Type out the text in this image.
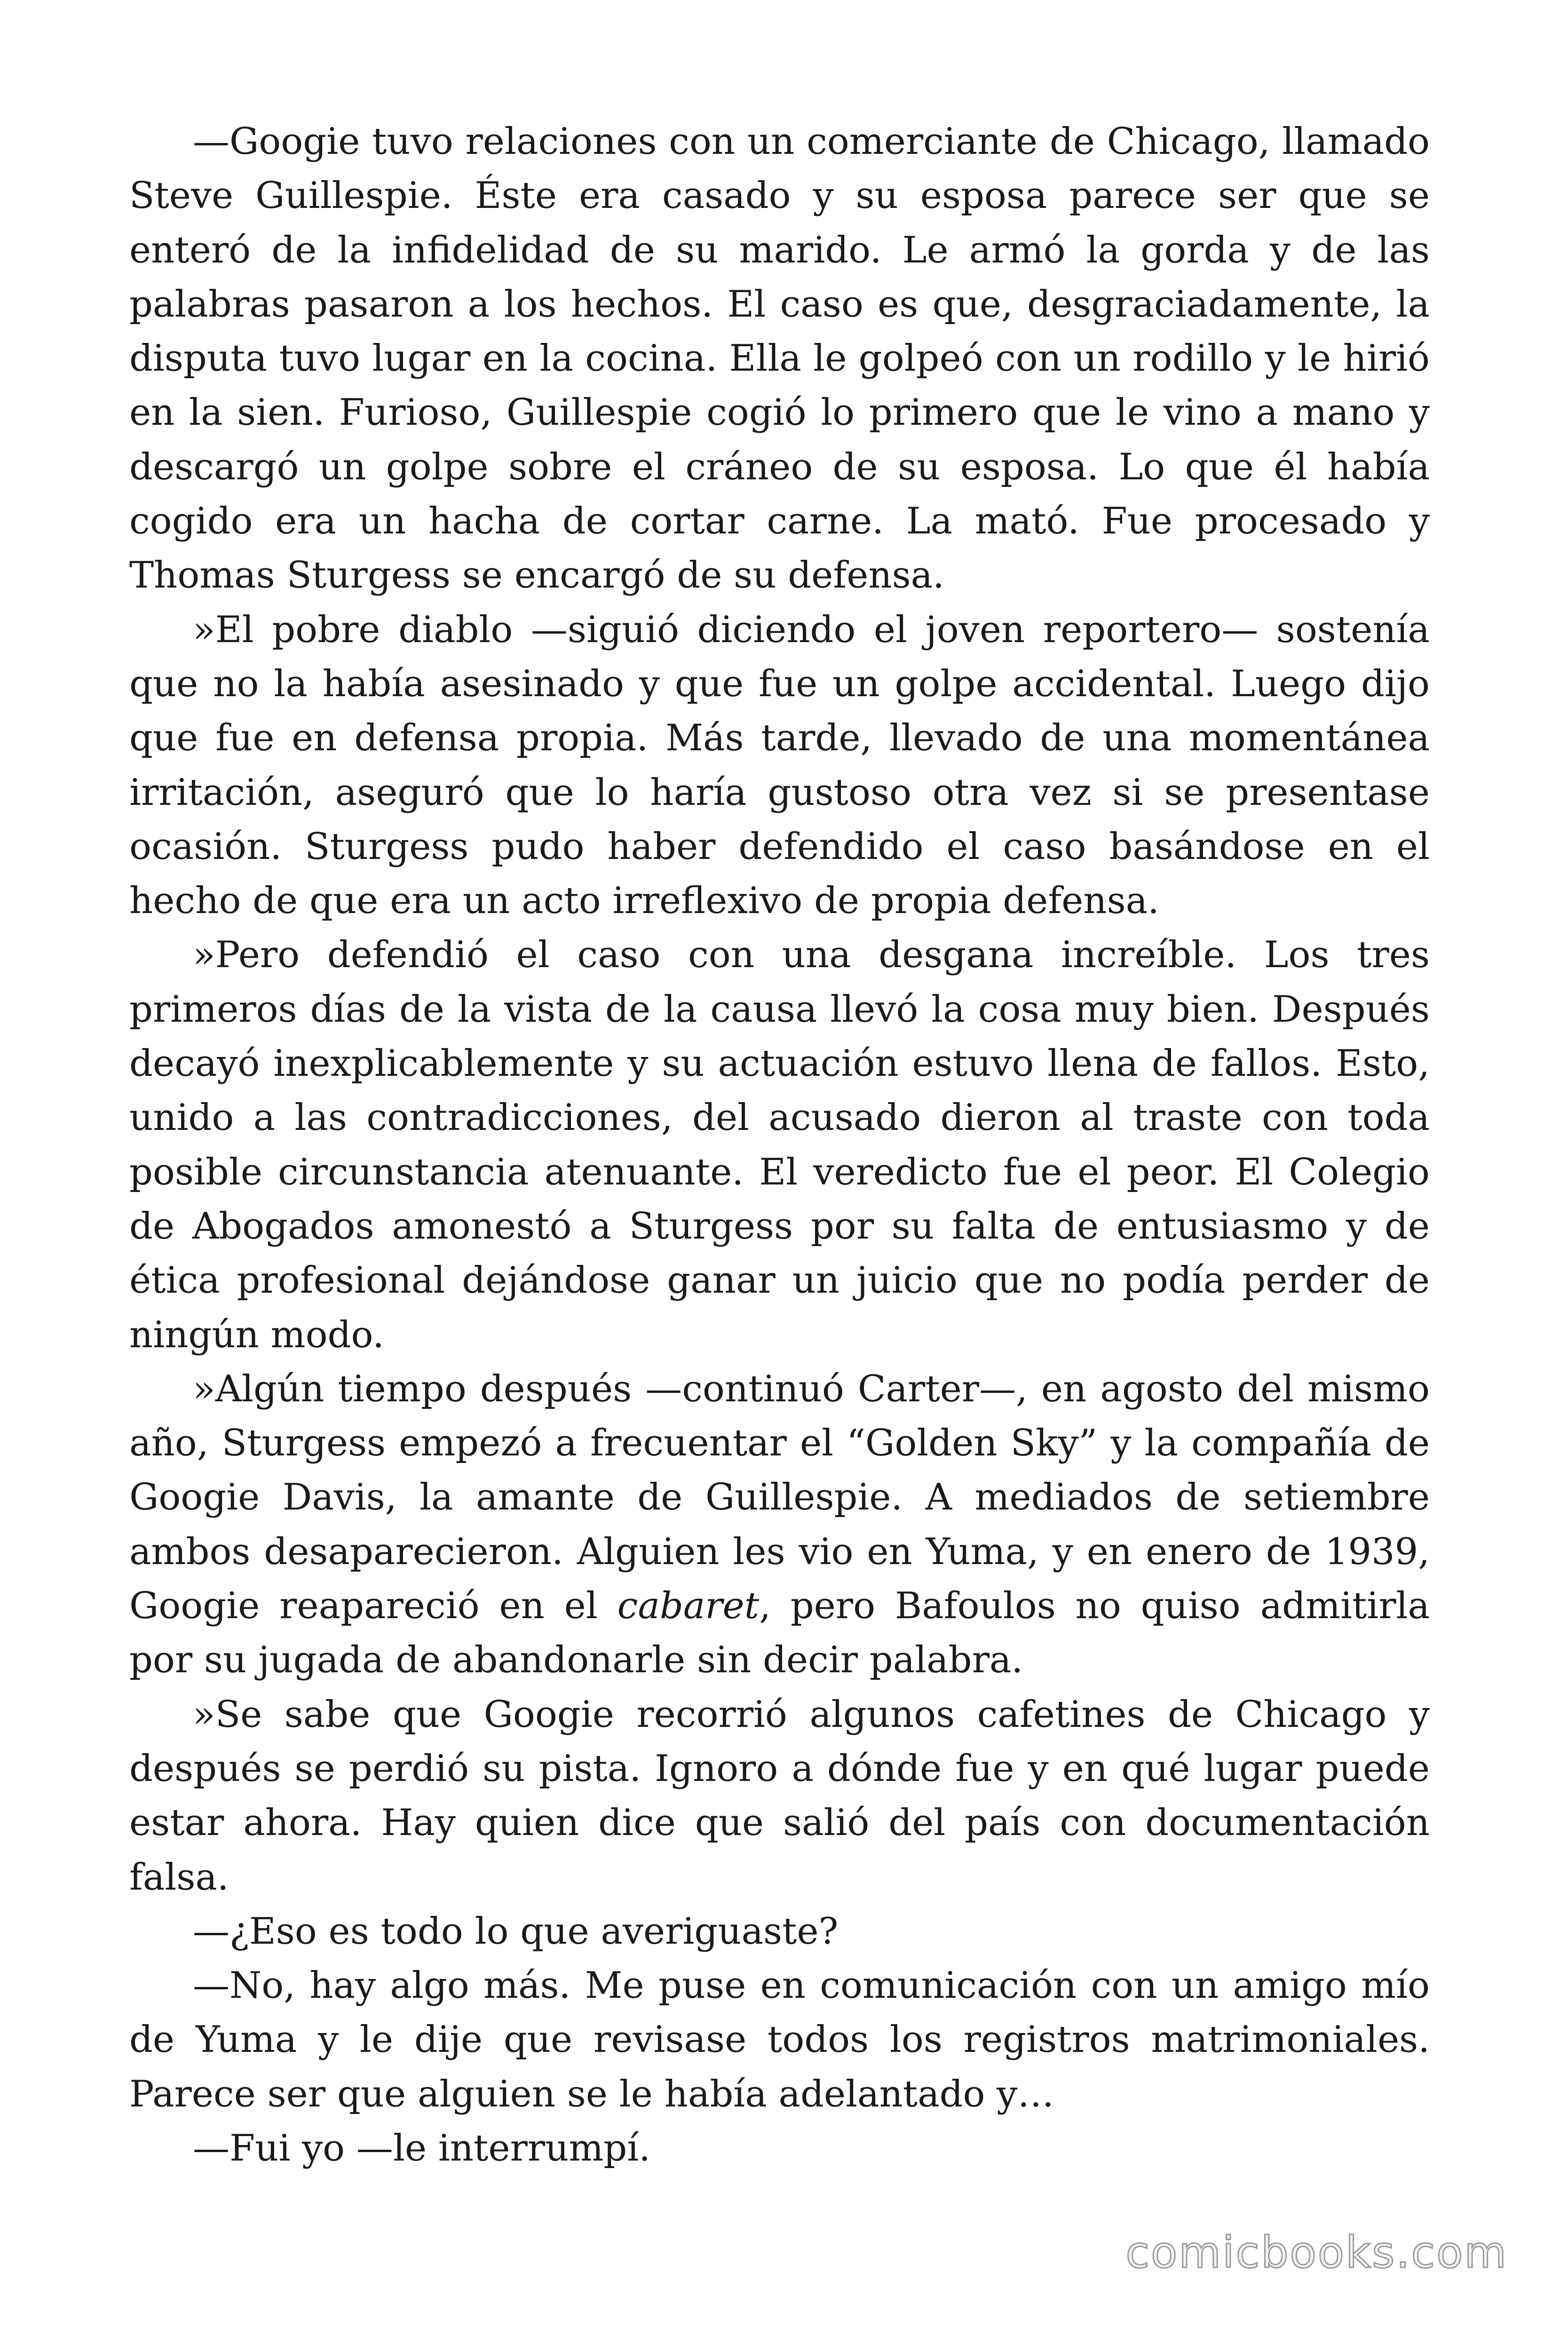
—Googie tuvo relaciones con un comerciante de Chicago, llamado Steve Guillespie. Éste era casado y su esposa parece ser que se enteró de la infidelidad de su marido. Le armó la gorda y de las palabras pasaron a los hechos. El caso es que, desgraciadamente, la disputa tuvo lugar en la cocina. Ella le golpeó con un rodillo y le hirió en la sien. Furioso, Guillespie cogió lo primero que le vino a mano y descargó un golpe sobre el cráneo de su esposa. Lo que él había cogido era un hacha de cortar carne. La mató. Fue procesado y Thomas Sturgess se encargó de su defensa.

»El pobre diablo —siguió diciendo el joven reportero— sostenía que no la había asesinado y que fue un golpe accidental. Luego dijo que fue en defensa propia. Más tarde, llevado de una momentánea irritación, aseguró que lo haría gustoso otra vez si se presentase ocasión. Sturgess pudo haber defendido el caso basándose en el hecho de que era un acto irreflexivo de propia defensa.

»Pero defendió el caso con una desgana increíble. Los tres primeros días de la vista de la causa llevó la cosa muy bien. Después decayó inexplicablemente y su actuación estuvo llena de fallos. Esto, unido a las contradicciones, del acusado dieron al traste con toda posible circunstancia atenuante. El veredicto fue el peor. El Colegio de Abogados amonestó a Sturgess por su falta de entusiasmo y de ética profesional dejándose ganar un juicio que no podía perder de ningún modo.

»Algún tiempo después —continuó Carter—, en agosto del mismo año, Sturgess empezó a frecuentar el “Golden Sky” y la compañía de Googie Davis, la amante de Guillespie. A mediados de setiembre ambos desaparecieron. Alguien les vio en Yuma, y en enero de 1939, Googie reapareció en el cabaret, pero Bafoulos no quiso admitirla por su jugada de abandonarle sin decir palabra.

»Se sabe que Googie recorrió algunos cafetines de Chicago y después se perdió su pista. Ignoro a dónde fue y en qué lugar puede estar ahora. Hay quien dice que salió del país con documentación falsa.

—¿Eso es todo lo que averiguaste?

—No, hay algo más. Me puse en comunicación con un amigo mío de Yuma y le dije que revisase todos los registros matrimoniales. Parece ser que alguien se le había adelantado y…

—Fui yo —le interrumpí.

comicbooks.com
